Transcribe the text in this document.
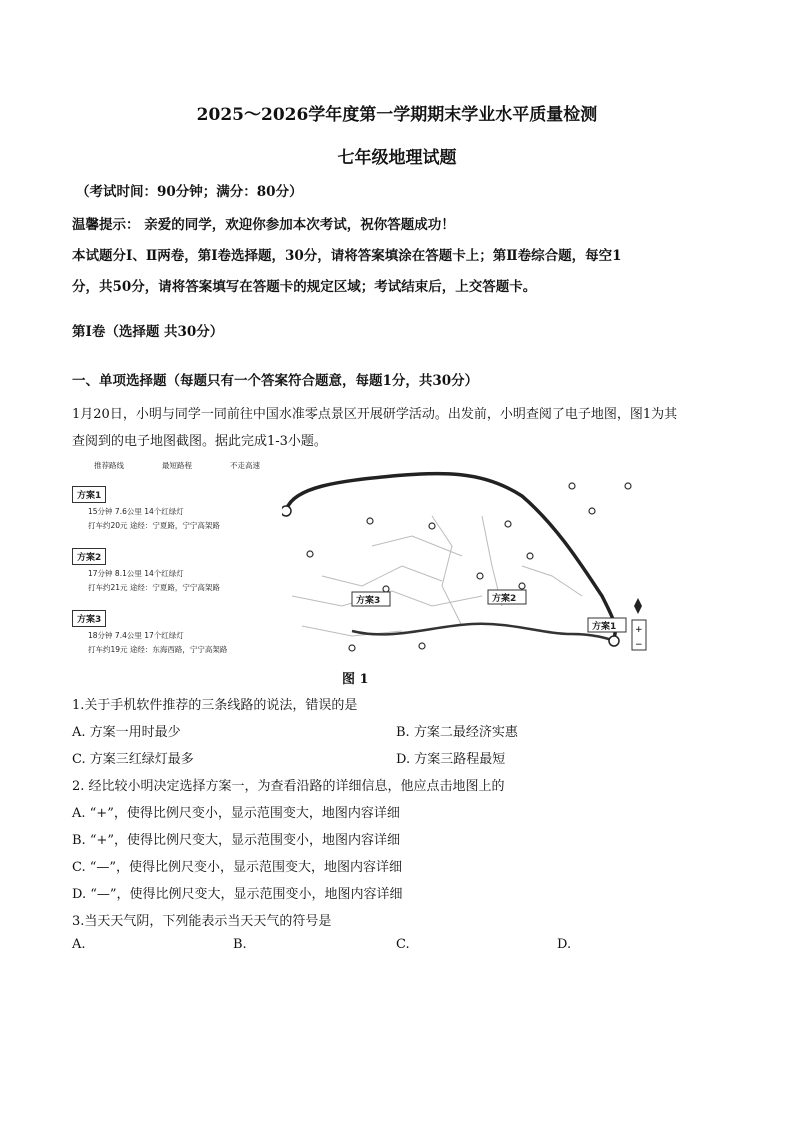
2025～2026学年度第一学期期末学业水平质量检测
七年级地理试题
（考试时间：90分钟；满分：80分）
温馨提示： 亲爱的同学，欢迎你参加本次考试，祝你答题成功！
本试题分Ⅰ、Ⅱ两卷，第Ⅰ卷选择题，30分，请将答案填涂在答题卡上；第Ⅱ卷综合题，每空1
分，共50分，请将答案填写在答题卡的规定区域；考试结束后，上交答题卡。
第Ⅰ卷（选择题 共30分）
一、单项选择题（每题只有一个答案符合题意，每题1分，共30分）
1月20日，小明与同学一同前往中国水准零点景区开展研学活动。出发前，小明查阅了电子地图，图1为其
查阅到的电子地图截图。据此完成1-3小题。
推荐路线	最短路程	不走高速
方案1
15分钟 7.6公里 14个红绿灯
打车约20元 途经：宁夏路，宁宁高架路
方案2
17分钟 8.1公里 14个红绿灯
打车约21元 途经：宁夏路，宁宁高架路
方案3
18分钟 7.4公里 17个红绿灯
打车约19元 途经：东海西路，宁宁高架路
方案3	方案2
方案1 +
−
图 1
1.关于手机软件推荐的三条线路的说法，错误的是
A. 方案一用时最少	B. 方案二最经济实惠
C. 方案三红绿灯最多	D. 方案三路程最短
2. 经比较小明决定选择方案一，为查看沿路的详细信息，他应点击地图上的
A. “+”，使得比例尺变小，显示范围变大，地图内容详细
B. “+”，使得比例尺变大，显示范围变小，地图内容详细
C. “—”，使得比例尺变小，显示范围变大，地图内容详细
D. “—”，使得比例尺变大，显示范围变小，地图内容详细
3.当天天气阴，下列能表示当天天气的符号是
A.	B.	C.	D.
